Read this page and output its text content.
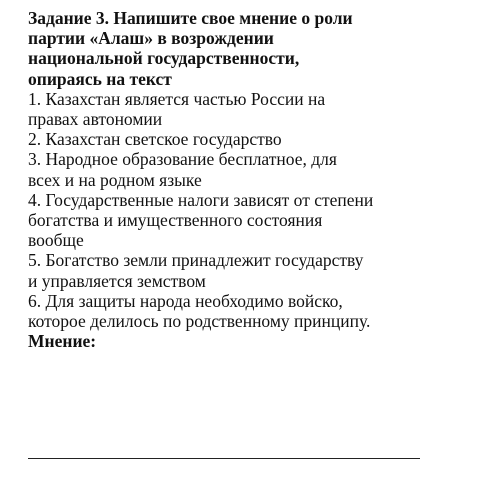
Задание 3. Напишите свое мнение о роли
партии «Алаш» в возрождении
национальной государственности,
опираясь на текст
1. Казахстан является частью России на
правах автономии
2. Казахстан светское государство
3. Народное образование бесплатное, для
всех и на родном языке
4. Государственные налоги зависят от степени
богатства и имущественного состояния
вообще
5. Богатство земли принадлежит государству
и управляется земством
6. Для защиты народа необходимо войско,
которое делилось по родственному принципу.
Мнение:
